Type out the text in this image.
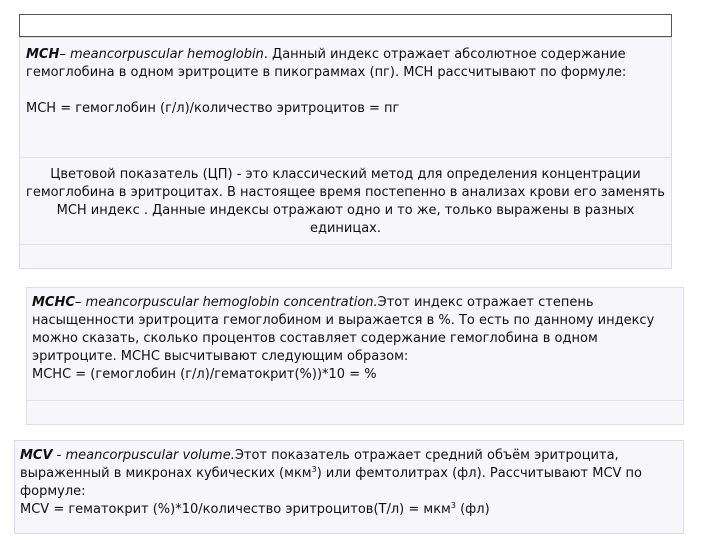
MCH– meancorpuscular hemoglobin. Данный индекс отражает абсолютное содержание гемоглобина в одном эритроците в пикограммах (пг). МСН рассчитывают по формуле:

МСН = гемоглобин (г/л)/количество эритроцитов = пг

Цветовой показатель (ЦП) - это классический метод для определения концентрации гемоглобина в эритроцитах. В настоящее время постепенно в анализах крови его заменять МСН индекс . Данные индексы отражают одно и то же, только выражены в разных единицах.

MCHC– meancorpuscular hemoglobin concentration.Этот индекс отражает степень насыщенности эритроцита гемоглобином и выражается в %. То есть по данному индексу можно сказать, сколько процентов составляет содержание гемоглобина в одном эритроците. МСНС высчитывают следующим образом:

МСНС = (гемоглобин (г/л)/гематокрит(%))*10 = %

MCV - meancorpuscular volume.Этот показатель отражает средний объём эритроцита, выраженный в микронах кубических (мкм$^3$) или фемтолитрах (фл). Рассчитывают MCV по формуле:

MCV = гематокрит (%)*10/количество эритроцитов(Т/л) = мкм$^3$ (фл)
